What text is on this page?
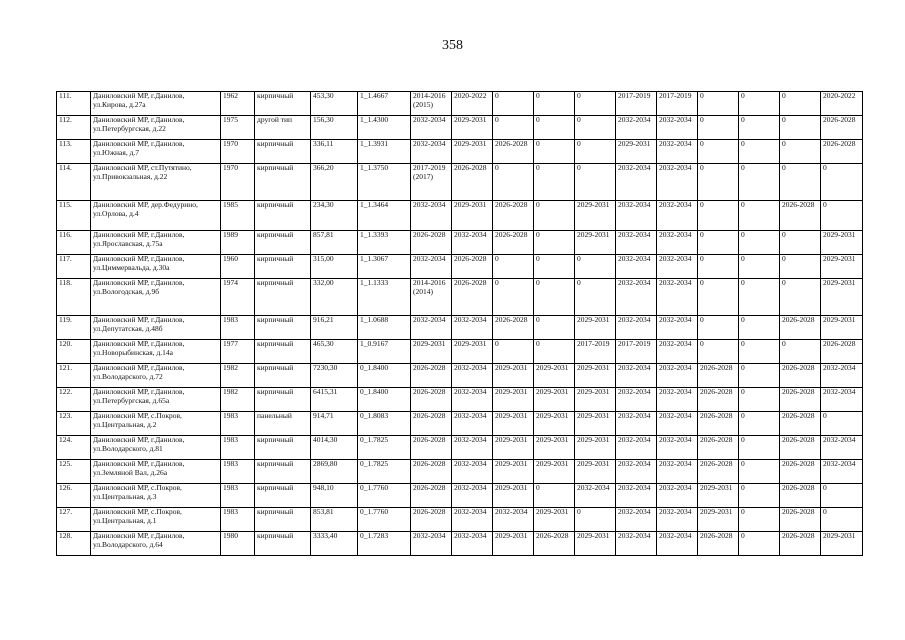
358
111.	Даниловский МР, г.Данилов, ул.Кирова, д.27а	1962	кирпичный	453,30	1_1.4667	2014-2016 (2015)	2020-2022	0	0	0	2017-2019	2017-2019	0	0	0	2020-2022
112.	Даниловский МР, г.Данилов, ул.Петербургская, д.22	1975	другой тип	156,30	1_1.4300	2032-2034	2029-2031	0	0	0	2032-2034	2032-2034	0	0	0	2026-2028
113.	Даниловский МР, г.Данилов, ул.Южная, д.7	1970	кирпичный	336,11	1_1.3931	2032-2034	2029-2031	2026-2028	0	0	2029-2031	2032-2034	0	0	0	2026-2028
114.	Даниловский МР, ст.Путятино, ул.Привокзальная, д.22	1970	кирпичный	366,20	1_1.3750	2017-2019 (2017)	2026-2028	0	0	0	2032-2034	2032-2034	0	0	0	0
115.	Даниловский МР, дер.Федурино, ул.Орлова, д.4	1985	кирпичный	234,30	1_1.3464	2032-2034	2029-2031	2026-2028	0	2029-2031	2032-2034	2032-2034	0	0	2026-2028	0
116.	Даниловский МР, г.Данилов, ул.Ярославская, д.75а	1989	кирпичный	857,81	1_1.3393	2026-2028	2032-2034	2026-2028	0	2029-2031	2032-2034	2032-2034	0	0	0	2029-2031
117.	Даниловский МР, г.Данилов, ул.Циммервальда, д.30а	1960	кирпичный	315,00	1_1.3067	2032-2034	2026-2028	0	0	0	2032-2034	2032-2034	0	0	0	2029-2031
118.	Даниловский МР, г.Данилов, ул.Вологодская, д.9б	1974	кирпичный	332,00	1_1.1333	2014-2016 (2014)	2026-2028	0	0	0	2032-2034	2032-2034	0	0	0	2029-2031
119.	Даниловский МР, г.Данилов, ул.Депутатская, д.48б	1983	кирпичный	916,21	1_1.0688	2032-2034	2032-2034	2026-2028	0	2029-2031	2032-2034	2032-2034	0	0	2026-2028	2029-2031
120.	Даниловский МР, г.Данилов, ул.Новорыбинская, д.14а	1977	кирпичный	465,30	1_0.9167	2029-2031	2029-2031	0	0	2017-2019	2017-2019	2032-2034	0	0	0	2026-2028
121.	Даниловский МР, г.Данилов, ул.Володарского, д.72	1982	кирпичный	7230,30	0_1.8400	2026-2028	2032-2034	2029-2031	2029-2031	2029-2031	2032-2034	2032-2034	2026-2028	0	2026-2028	2032-2034
122.	Даниловский МР, г.Данилов, ул.Петербургская, д.65а	1982	кирпичный	6415,31	0_1.8400	2026-2028	2032-2034	2029-2031	2029-2031	2029-2031	2032-2034	2032-2034	2026-2028	0	2026-2028	2032-2034
123.	Даниловский МР, с.Покров, ул.Центральная, д.2	1983	панельный	914,71	0_1.8083	2026-2028	2032-2034	2029-2031	2029-2031	2029-2031	2032-2034	2032-2034	2026-2028	0	2026-2028	0
124.	Даниловский МР, г.Данилов, ул.Володарского, д.81	1983	кирпичный	4014,30	0_1.7825	2026-2028	2032-2034	2029-2031	2029-2031	2029-2031	2032-2034	2032-2034	2026-2028	0	2026-2028	2032-2034
125.	Даниловский МР, г.Данилов, ул.Земляной Вал, д.26а	1983	кирпичный	2869,80	0_1.7825	2026-2028	2032-2034	2029-2031	2029-2031	2029-2031	2032-2034	2032-2034	2026-2028	0	2026-2028	2032-2034
126.	Даниловский МР, с.Покров, ул.Центральная, д.3	1983	кирпичный	948,10	0_1.7760	2026-2028	2032-2034	2029-2031	0	2032-2034	2032-2034	2032-2034	2029-2031	0	2026-2028	0
127.	Даниловский МР, с.Покров, ул.Центральная, д.1	1983	кирпичный	853,81	0_1.7760	2026-2028	2032-2034	2032-2034	2029-2031	0	2032-2034	2032-2034	2029-2031	0	2026-2028	0
128.	Даниловский МР, г.Данилов, ул.Володарского, д.64	1980	кирпичный	3333,40	0_1.7283	2032-2034	2032-2034	2029-2031	2026-2028	2029-2031	2032-2034	2032-2034	2026-2028	0	2026-2028	2029-2031
